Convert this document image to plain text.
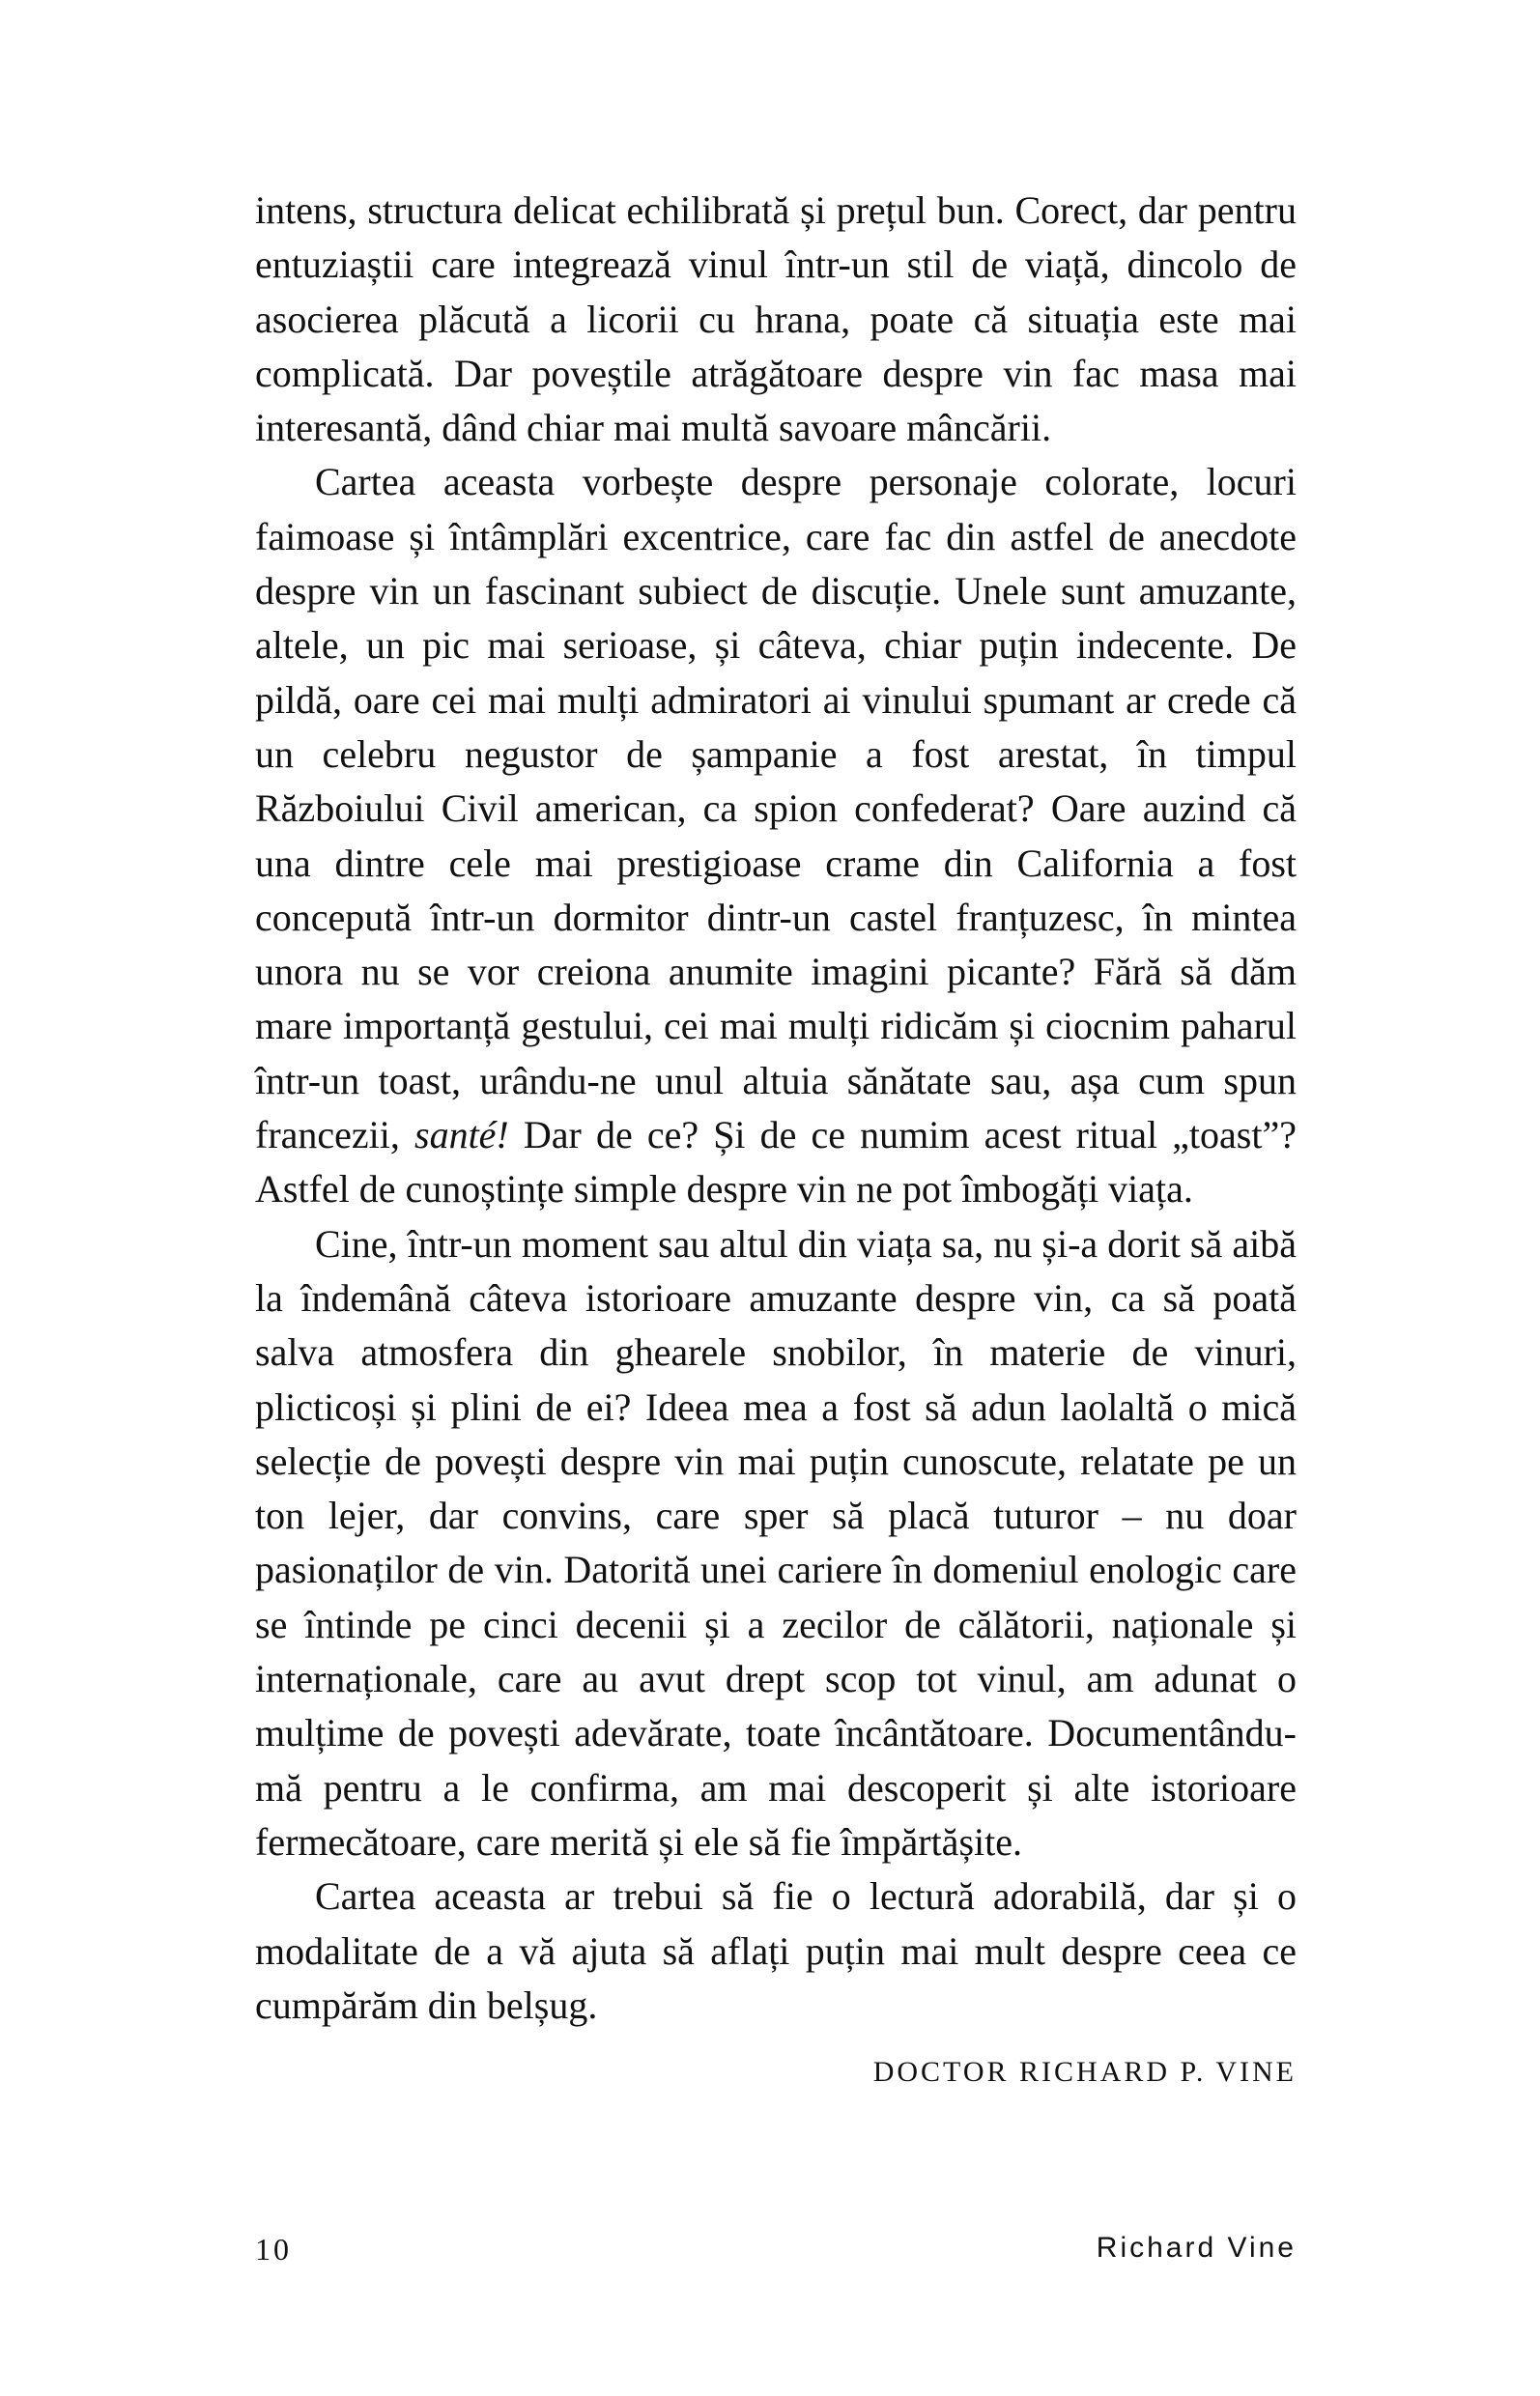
intens, structura delicat echilibrată și prețul bun. Corect, dar pentru entuziaștii care integrează vinul într-un stil de viață, dincolo de asocierea plăcută a licorii cu hrana, poate că situația este mai complicată. Dar poveștile atrăgătoare despre vin fac masa mai interesantă, dând chiar mai multă savoare mâncării.

Cartea aceasta vorbește despre personaje colorate, locuri faimoase și întâmplări excentrice, care fac din astfel de anecdote despre vin un fascinant subiect de discuție. Unele sunt amuzante, altele, un pic mai serioase, și câteva, chiar puțin indecente. De pildă, oare cei mai mulți admiratori ai vinului spumant ar crede că un celebru negustor de șampanie a fost arestat, în timpul Războiului Civil american, ca spion confederat? Oare auzind că una dintre cele mai prestigioase crame din California a fost concepută într-un dormitor dintr-un castel franțuzesc, în mintea unora nu se vor creiona anumite imagini picante? Fără să dăm mare importanță gestului, cei mai mulți ridicăm și ciocnim paharul într-un toast, urându-ne unul altuia sănătate sau, așa cum spun francezii, santé! Dar de ce? Și de ce numim acest ritual „toast”? Astfel de cunoștințe simple despre vin ne pot îmbogăți viața.

Cine, într-un moment sau altul din viața sa, nu și-a dorit să aibă la îndemână câteva istorioare amuzante despre vin, ca să poată salva atmosfera din ghearele snobilor, în materie de vinuri, plicticoși și plini de ei? Ideea mea a fost să adun laolaltă o mică selecție de povești despre vin mai puțin cunoscute, relatate pe un ton lejer, dar convins, care sper să placă tuturor – nu doar pasionaților de vin. Datorită unei cariere în domeniul enologic care se întinde pe cinci decenii și a zecilor de călătorii, naționale și internaționale, care au avut drept scop tot vinul, am adunat o mulțime de povești adevărate, toate încântătoare. Documentându-mă pentru a le confirma, am mai descoperit și alte istorioare fermecătoare, care merită și ele să fie împărtășite.

Cartea aceasta ar trebui să fie o lectură adorabilă, dar și o modalitate de a vă ajuta să aflați puțin mai mult despre ceea ce cumpărăm din belșug.

DOCTOR RICHARD P. VINE
10	Richard Vine
